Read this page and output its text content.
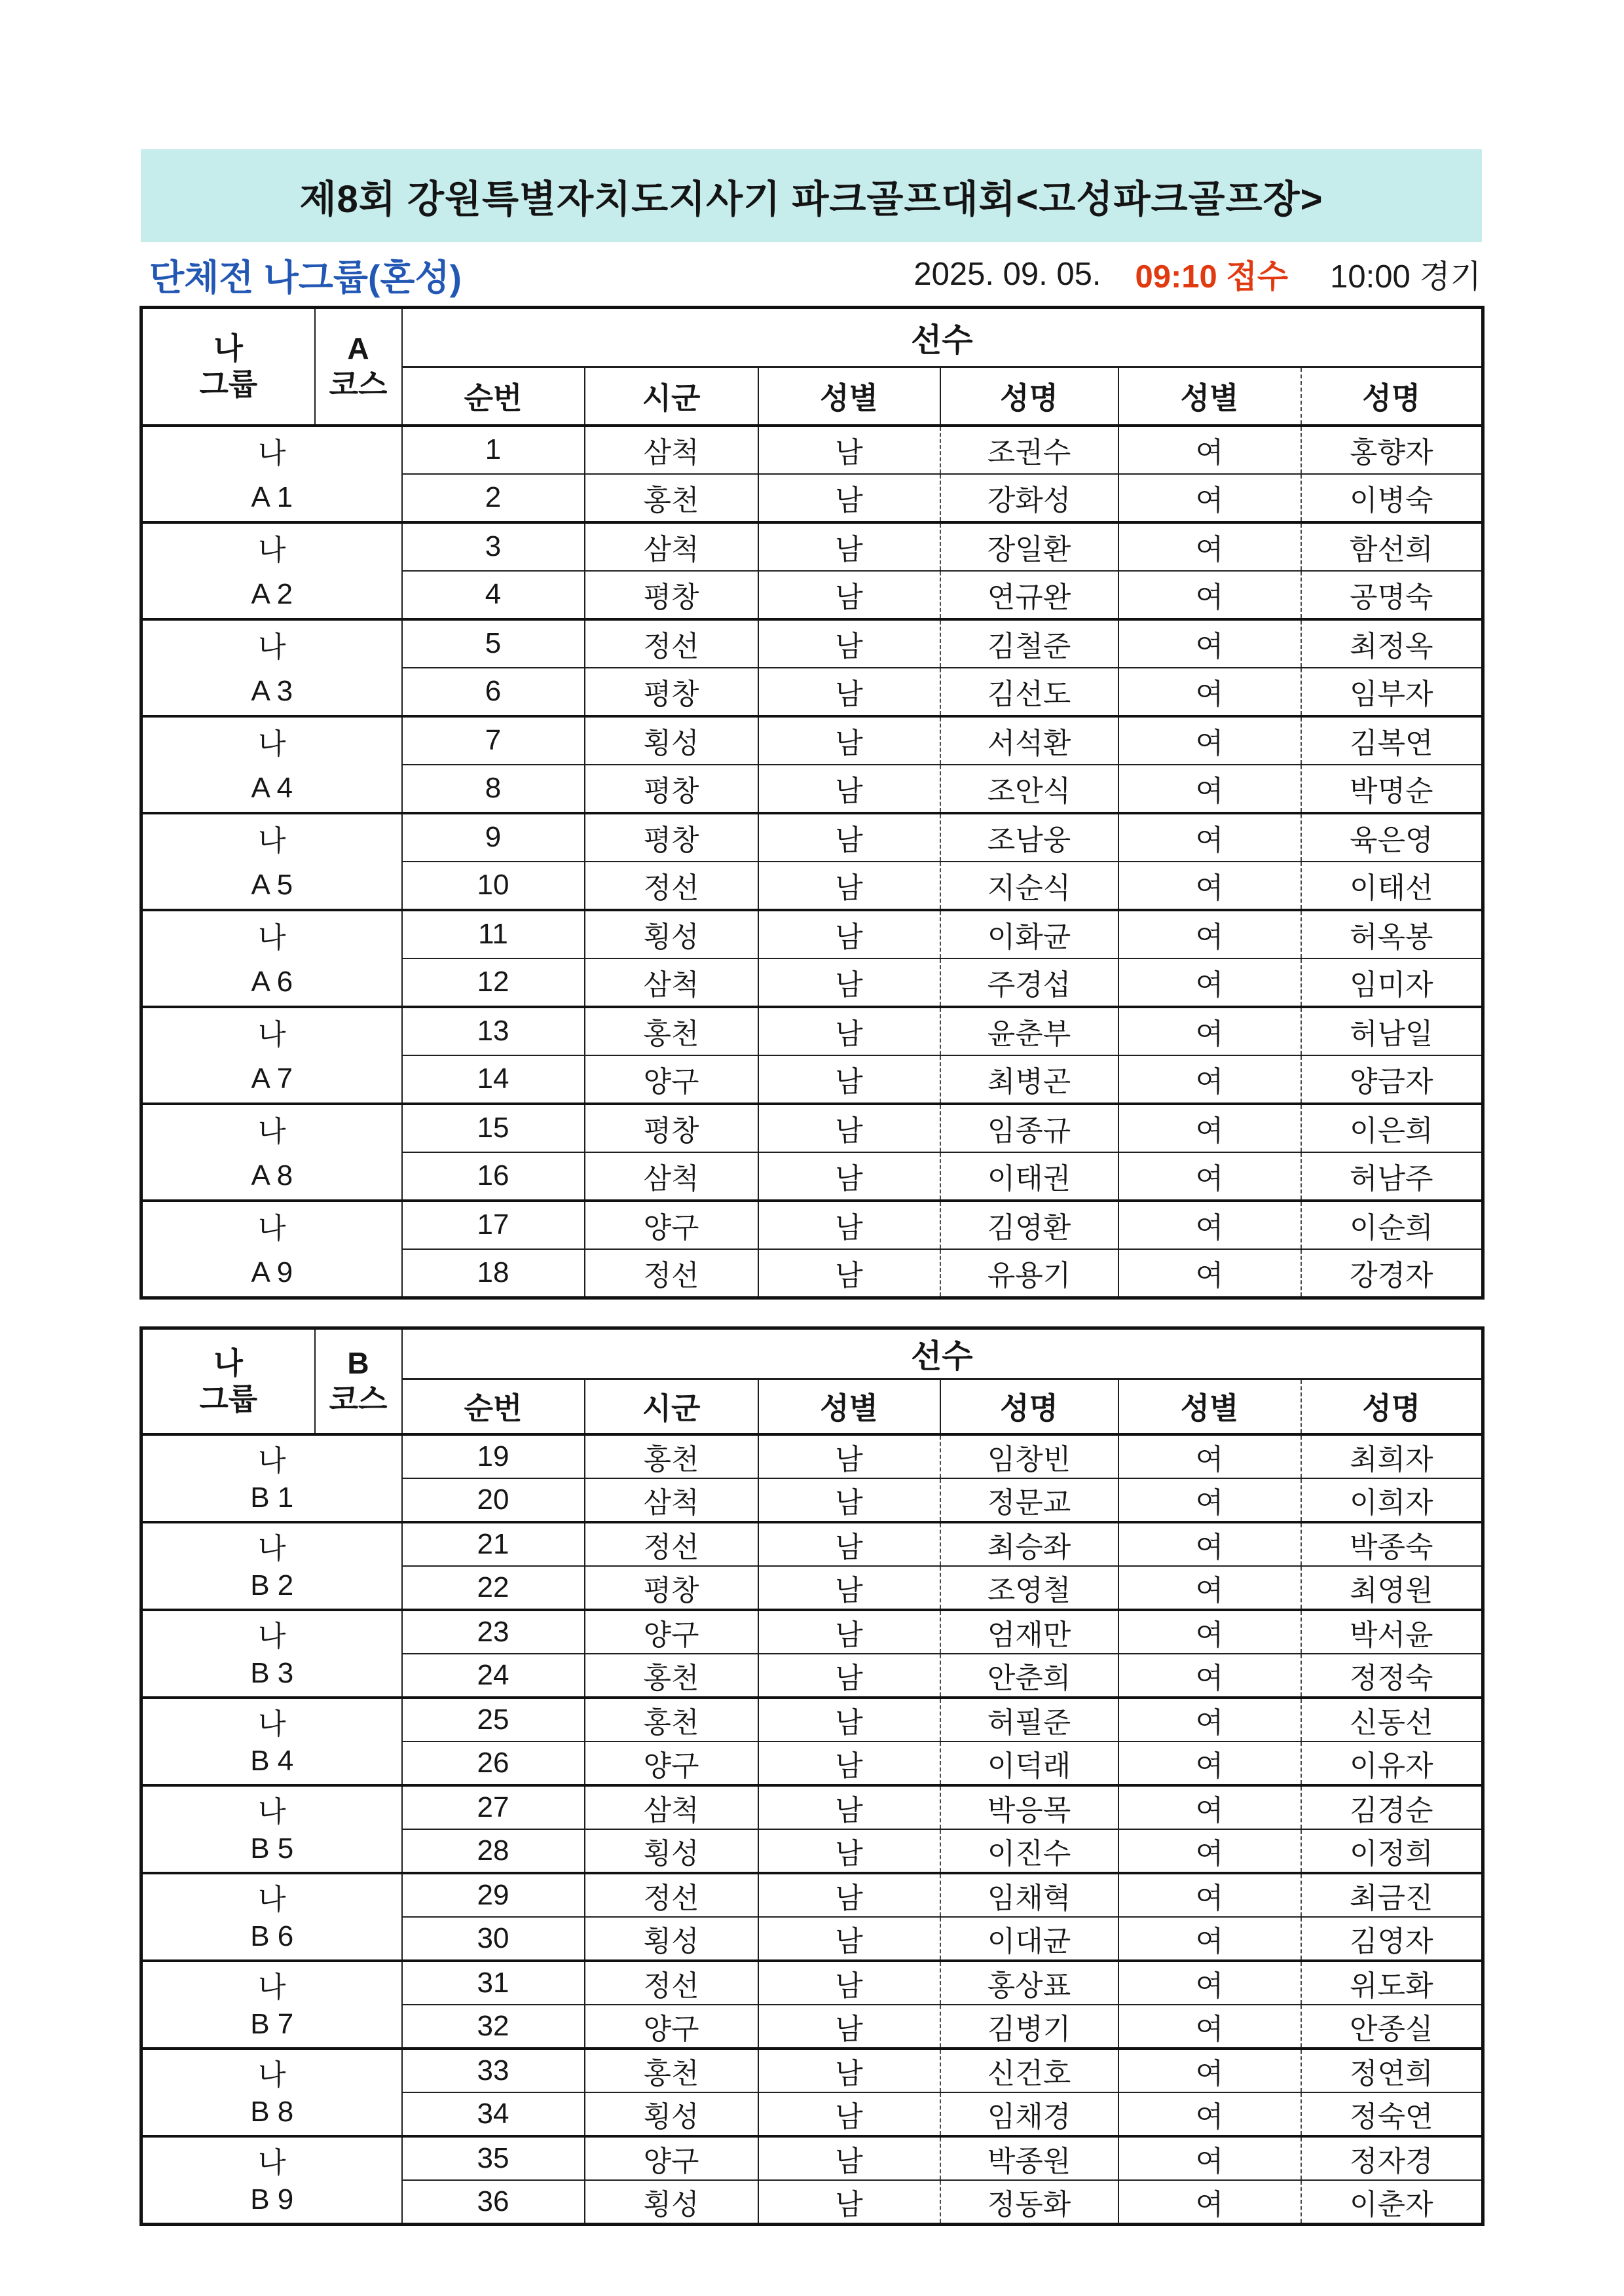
제8회 강원특별자치도지사기 파크골프대회<고성파크골프장>
단체전 나그룹(혼성)	2025. 09. 05. 09:10 접수 10:00 경기
나
그룹

A
코스
	선수
		순번	시군	성별	성명	성별	성명

나
A 1		1	삼척	남	조권수	여	홍향자
		2	홍천	남	강화성	여	이병숙

나
A 2		3	삼척	남	장일환	여	함선희
		4	평창	남	연규완	여	공명숙

나
A 3		5	정선	남	김철준	여	최정옥
		6	평창	남	김선도	여	임부자

나
A 4		7	횡성	남	서석환	여	김복연
		8	평창	남	조안식	여	박명순

나
A 5		9	평창	남	조남웅	여	육은영
		10	정선	남	지순식	여	이태선

나
A 6		11	횡성	남	이화균	여	허옥봉
		12	삼척	남	주경섭	여	임미자

나
A 7		13	홍천	남	윤춘부	여	허남일
		14	양구	남	최병곤	여	양금자

나
A 8		15	평창	남	임종규	여	이은희
		16	삼척	남	이태권	여	허남주

나
A 9		17	양구	남	김영환	여	이순희
		18	정선	남	유용기	여	강경자
나
그룹

B
코스
	선수
		순번	시군	성별	성명	성별	성명

나
B 1		19	홍천	남	임창빈	여	최희자
		20	삼척	남	정문교	여	이희자

나
B 2		21	정선	남	최승좌	여	박종숙
		22	평창	남	조영철	여	최영원

나
B 3		23	양구	남	엄재만	여	박서윤
		24	홍천	남	안춘희	여	정정숙

나
B 4		25	홍천	남	허필준	여	신동선
		26	양구	남	이덕래	여	이유자

나
B 5		27	삼척	남	박응목	여	김경순
		28	횡성	남	이진수	여	이정희

나
B 6		29	정선	남	임채혁	여	최금진
		30	횡성	남	이대균	여	김영자

나
B 7		31	정선	남	홍상표	여	위도화
		32	양구	남	김병기	여	안종실

나
B 8		33	홍천	남	신건호	여	정연희
		34	횡성	남	임채경	여	정숙연

나
B 9		35	양구	남	박종원	여	정자경
		36	횡성	남	정동화	여	이춘자
